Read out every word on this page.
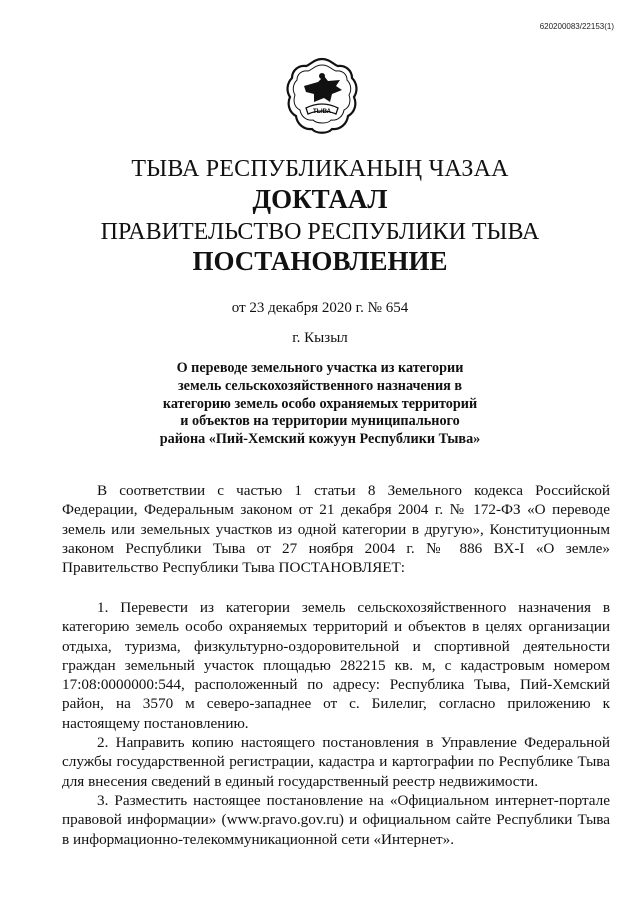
620200083/22153(1)
ТЫВА
ТЫВА РЕСПУБЛИКАНЫҢ ЧАЗАА
ДОКТААЛ
ПРАВИТЕЛЬСТВО РЕСПУБЛИКИ ТЫВА
ПОСТАНОВЛЕНИЕ
от 23 декабря 2020 г. № 654
г. Кызыл
О переводе земельного участка из категории
земель сельскохозяйственного назначения в
категорию земель особо охраняемых территорий
и объектов на территории муниципального
района «Пий-Хемский кожуун Республики Тыва»

В соответствии с частью 1 статьи 8 Земельного кодекса Российской Федерации, Федеральным законом от 21 декабря 2004 г. № 172-ФЗ «О переводе земель или земельных участков из одной категории в другую», Конституционным законом Республики Тыва от 27 ноября 2004 г. № 886 ВХ-I «О земле» Правительство Республики Тыва ПОСТАНОВЛЯЕТ:

1. Перевести из категории земель сельскохозяйственного назначения в категорию земель особо охраняемых территорий и объектов в целях организации отдыха, туризма, физкультурно-оздоровительной и спортивной деятельности граждан земельный участок площадью 282215 кв. м, с кадастровым номером 17:08:0000000:544, расположенный по адресу: Республика Тыва, Пий-Хемский район, на 3570 м северо-западнее от с. Билелиг, согласно приложению к настоящему постановлению.

2. Направить копию настоящего постановления в Управление Федеральной службы государственной регистрации, кадастра и картографии по Республике Тыва для внесения сведений в единый государственный реестр недвижимости.

3. Разместить настоящее постановление на «Официальном интернет-портале правовой информации» (www.pravo.gov.ru) и официальном сайте Республики Тыва в информационно-телекоммуникационной сети «Интернет».
